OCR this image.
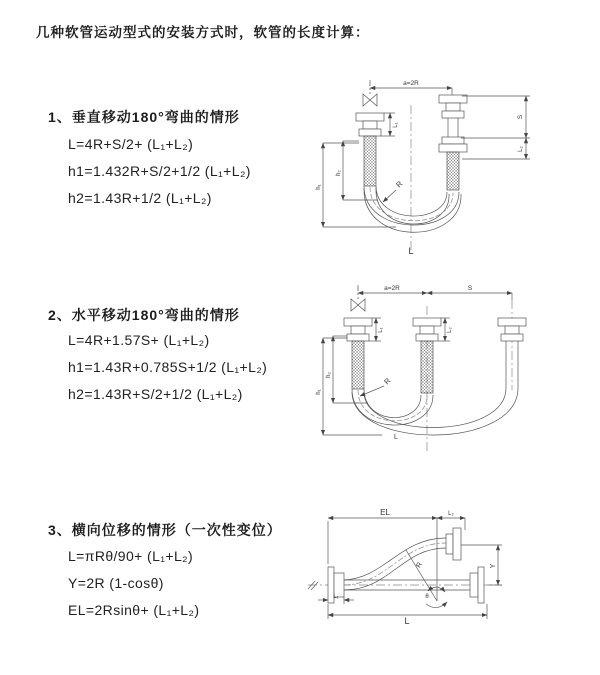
几种软管运动型式的安装方式时，软管的长度计算：
1、垂直移动180°弯曲的情形
L=4R+S/2+ (L₁+L₂)
h1=1.432R+S/2+1/2 (L₁+L₂)
h2=1.43R+1/2 (L₁+L₂)
2、水平移动180°弯曲的情形
L=4R+1.57S+ (L₁+L₂)
h1=1.43R+0.785S+1/2 (L₁+L₂)
h2=1.43R+S/2+1/2 (L₁+L₂)
3、横向位移的情形（一次性变位）
L=πRθ/90+ (L₁+L₂)
Y=2R (1-cosθ)
EL=2Rsinθ+ (L₁+L₂)
a=2R
S
L₂
L₁
h₁
h₂
R
L
a=2R	S
L₁	L₂
h₁
h₂
R
L
EL	L₂
Y
R
θ
L
L₁
